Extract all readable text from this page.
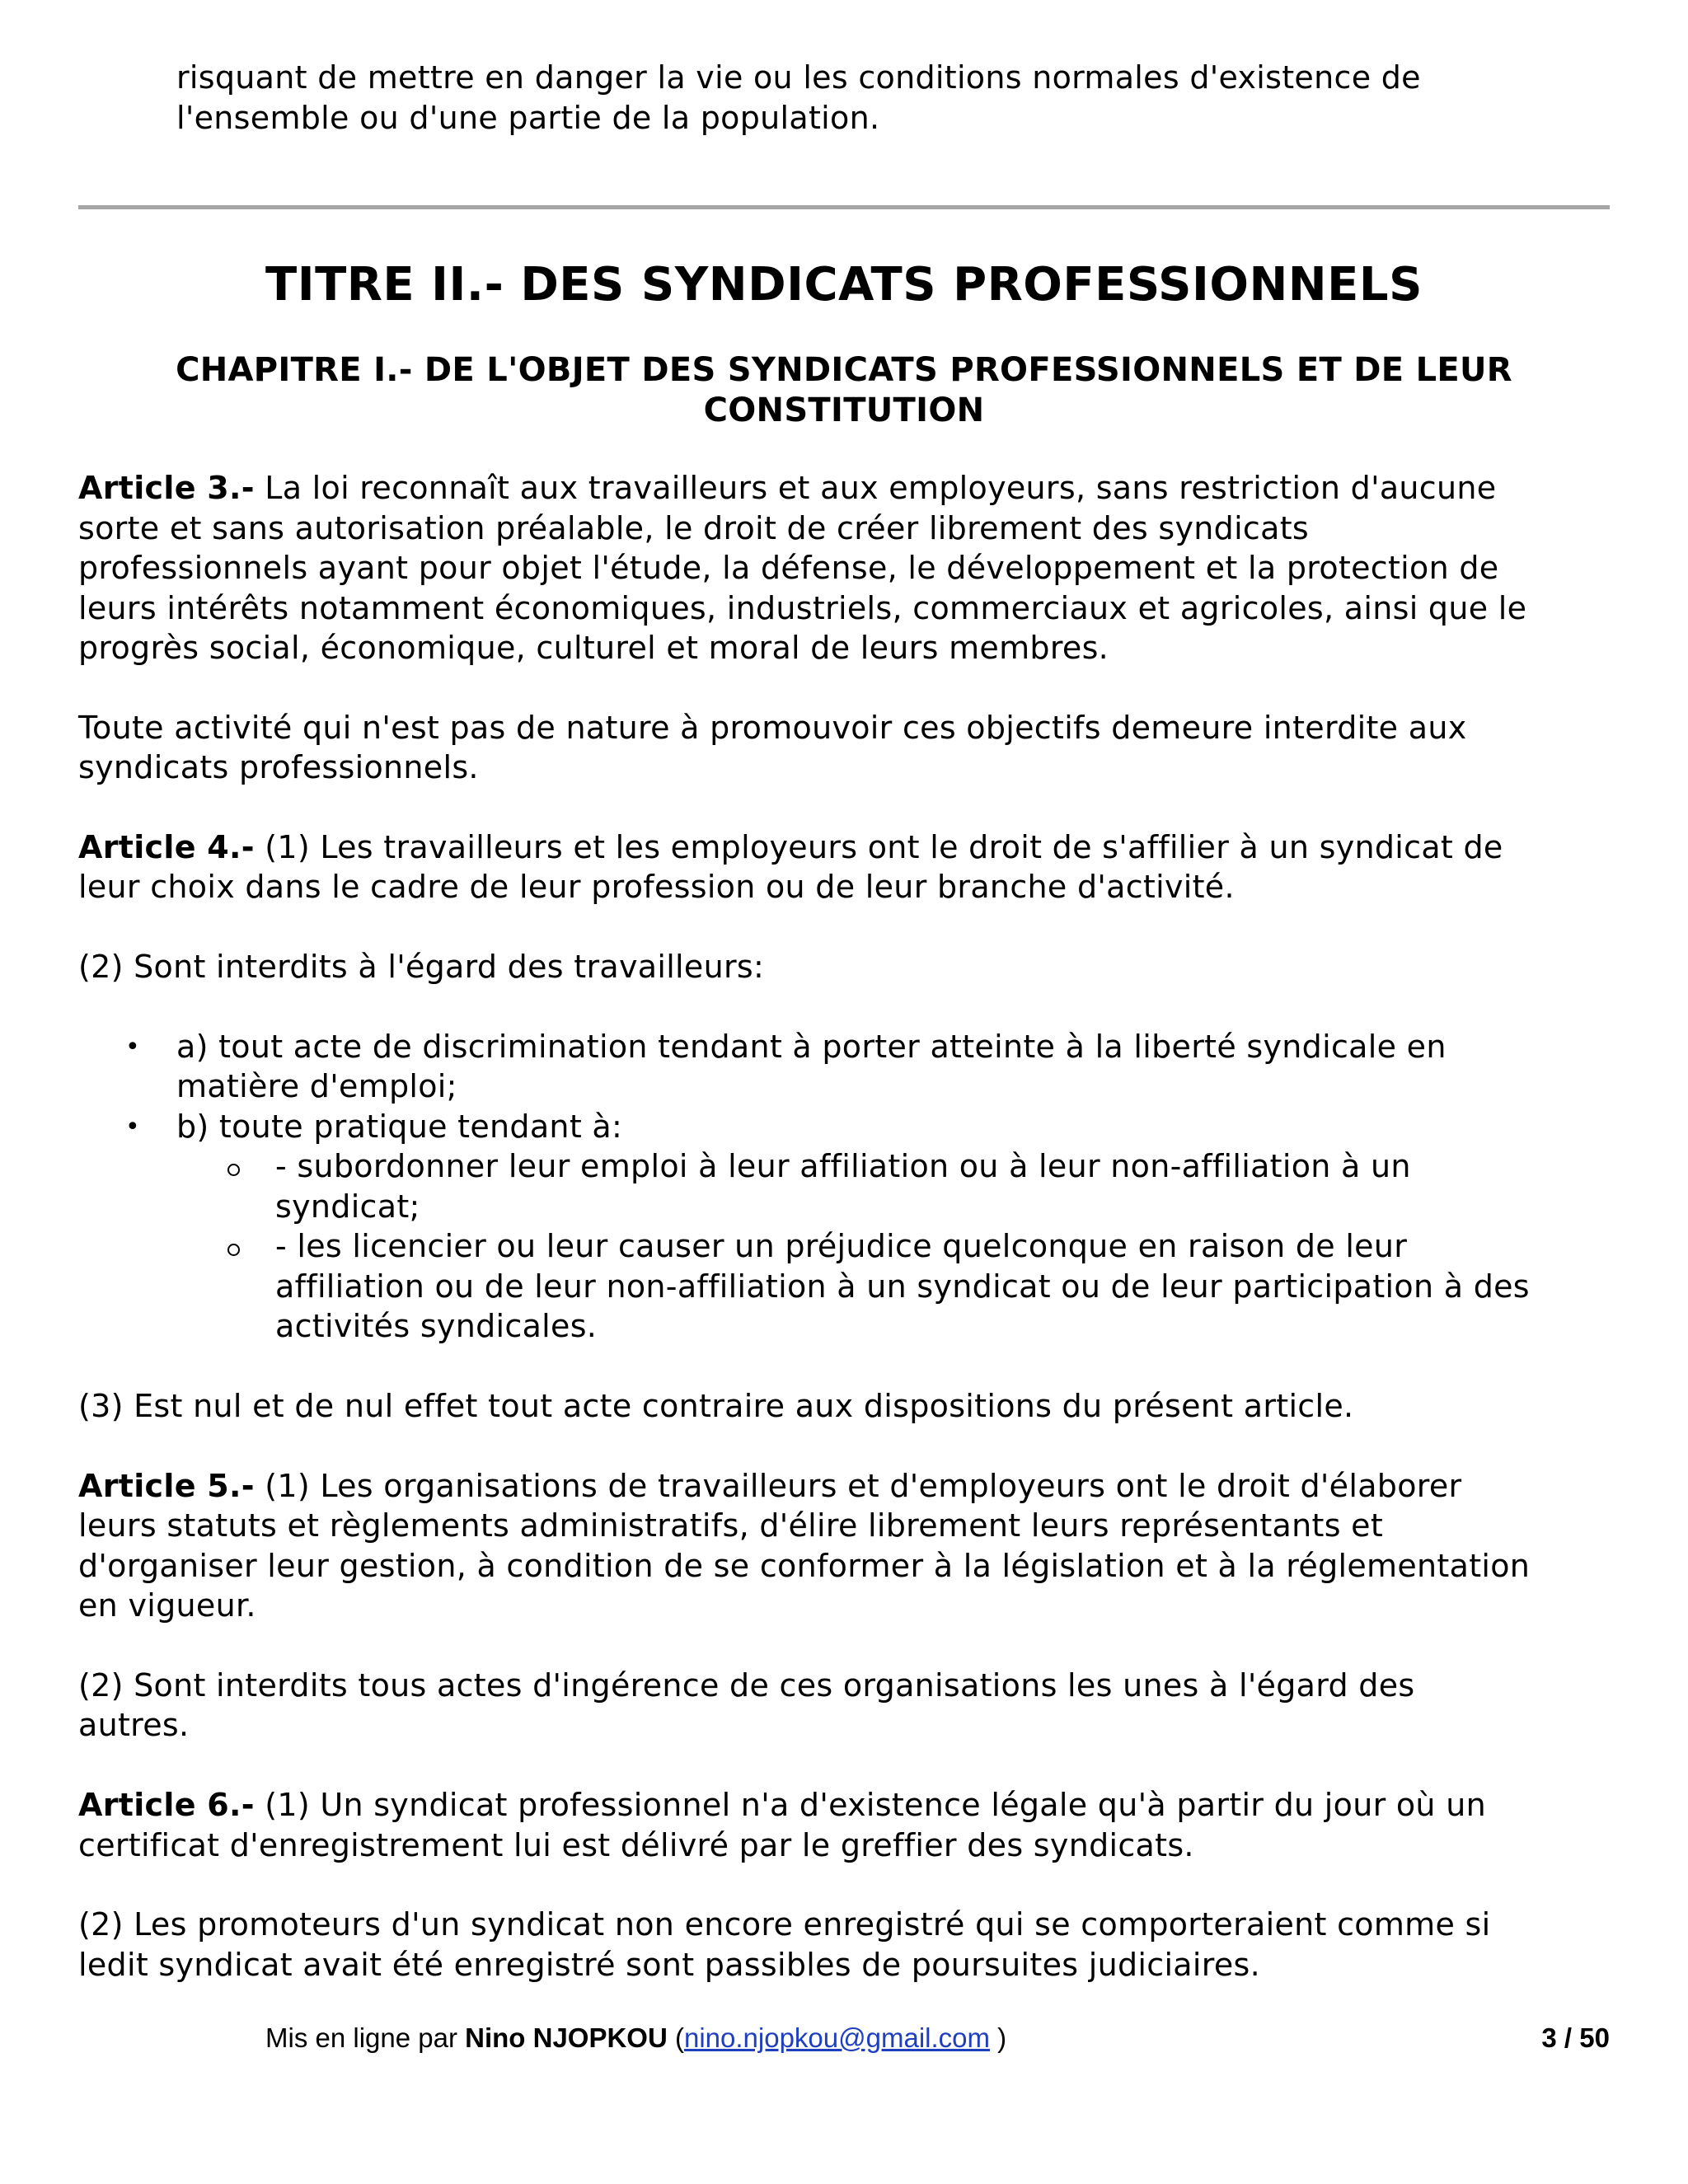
risquant de mettre en danger la vie ou les conditions normales d'existence de

l'ensemble ou d'une partie de la population.

TITRE II.- DES SYNDICATS PROFESSIONNELS
CHAPITRE I.- DE L'OBJET DES SYNDICATS PROFESSIONNELS ET DE LEUR
CONSTITUTION

Article 3.- La loi reconnaît aux travailleurs et aux employeurs, sans restriction d'aucune

sorte et sans autorisation préalable, le droit de créer librement des syndicats

professionnels ayant pour objet l'étude, la défense, le développement et la protection de

leurs intérêts notamment économiques, industriels, commerciaux et agricoles, ainsi que le

progrès social, économique, culturel et moral de leurs membres.

Toute activité qui n'est pas de nature à promouvoir ces objectifs demeure interdite aux

syndicats professionnels.

Article 4.- (1) Les travailleurs et les employeurs ont le droit de s'affilier à un syndicat de

leur choix dans le cadre de leur profession ou de leur branche d'activité.

(2) Sont interdits à l'égard des travailleurs:

• a) tout acte de discrimination tendant à porter atteinte à la liberté syndicale en

matière d'emploi;

• b) toute pratique tendant à:

- subordonner leur emploi à leur affiliation ou à leur non-affiliation à un

syndicat;

- les licencier ou leur causer un préjudice quelconque en raison de leur

affiliation ou de leur non-affiliation à un syndicat ou de leur participation à des

activités syndicales.

(3) Est nul et de nul effet tout acte contraire aux dispositions du présent article.

Article 5.- (1) Les organisations de travailleurs et d'employeurs ont le droit d'élaborer

leurs statuts et règlements administratifs, d'élire librement leurs représentants et

d'organiser leur gestion, à condition de se conformer à la législation et à la réglementation

en vigueur.

(2) Sont interdits tous actes d'ingérence de ces organisations les unes à l'égard des

autres.

Article 6.- (1) Un syndicat professionnel n'a d'existence légale qu'à partir du jour où un

certificat d'enregistrement lui est délivré par le greffier des syndicats.

(2) Les promoteurs d'un syndicat non encore enregistré qui se comporteraient comme si

ledit syndicat avait été enregistré sont passibles de poursuites judiciaires.

Mis en ligne par Nino NJOPKOU (nino.njopkou@gmail.com )	3 / 50
